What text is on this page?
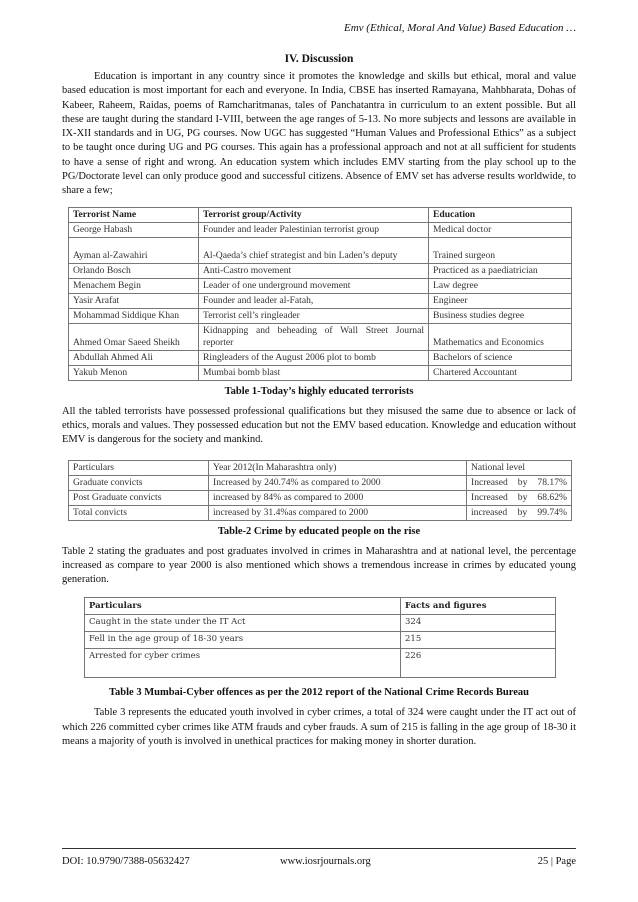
Emv (Ethical, Moral And Value) Based Education …
IV. Discussion

Education is important in any country since it promotes the knowledge and skills but ethical, moral and value based education is most important for each and everyone. In India, CBSE has inserted Ramayana, Mahbharata, Dohas of Kabeer, Raheem, Raidas, poems of Ramcharitmanas, tales of Panchatantra in curriculum to an extent possible. But all these are taught during the standard I-VIII, between the age ranges of 5-13. No more subjects and lessons are available in IX-XII standards and in UG, PG courses. Now UGC has suggested “Human Values and Professional Ethics” as a subject to be taught once during UG and PG courses. This again has a professional approach and not at all sufficient for students to have a sense of right and wrong. An education system which includes EMV starting from the play school up to the PG/Doctorate level can only produce good and successful citizens. Absence of EMV set has adverse results worldwide, to share a few;

Terrorist Name	Terrorist group/Activity	Education
George Habash	Founder and leader Palestinian terrorist group	Medical doctor
Ayman al-Zawahiri	Al-Qaeda’s chief strategist and bin Laden’s deputy	Trained surgeon
Orlando Bosch	Anti-Castro movement	Practiced as a paediatrician
Menachem Begin	Leader of one underground movement	Law degree
Yasir Arafat	Founder and leader al-Fatah,	Engineer
Mohammad Siddique Khan	Terrorist cell’s ringleader	Business studies degree
Ahmed Omar Saeed Sheikh	Kidnapping and beheading of Wall Street Journal reporter	Mathematics and Economics
Abdullah Ahmed Ali	Ringleaders of the August 2006 plot to bomb	Bachelors of science
Yakub Menon	Mumbai bomb blast	Chartered Accountant
Table 1-Today’s highly educated terrorists

All the tabled terrorists have possessed professional qualifications but they misused the same due to absence or lack of ethics, morals and values. They possessed education but not the EMV based education. Knowledge and education without EMV is dangerous for the society and mankind.

Particulars	Year 2012(In Maharashtra only)	National level
Graduate convicts	Increased by 240.74% as compared to 2000	Increased by 78.17%
Post Graduate convicts	increased by 84% as compared to 2000	Increased by 68.62%
Total convicts	increased by 31.4%as compared to 2000	increased by 99.74%
Table-2 Crime by educated people on the rise

Table 2 stating the graduates and post graduates involved in crimes in Maharashtra and at national level, the percentage increased as compare to year 2000 is also mentioned which shows a tremendous increase in crimes by educated young generation.

Particulars	Facts and figures
Caught in the state under the IT Act	324
Fell in the age group of 18-30 years	215
Arrested for cyber crimes	226
Table 3 Mumbai-Cyber offences as per the 2012 report of the National Crime Records Bureau

Table 3 represents the educated youth involved in cyber crimes, a total of 324 were caught under the IT act out of which 226 committed cyber crimes like ATM frauds and cyber frauds. A sum of 215 is falling in the age group of 18-30 it means a majority of youth is involved in unethical practices for making money in shorter duration.

DOI: 10.9790/7388-05632427	www.iosrjournals.org	25 | Page
